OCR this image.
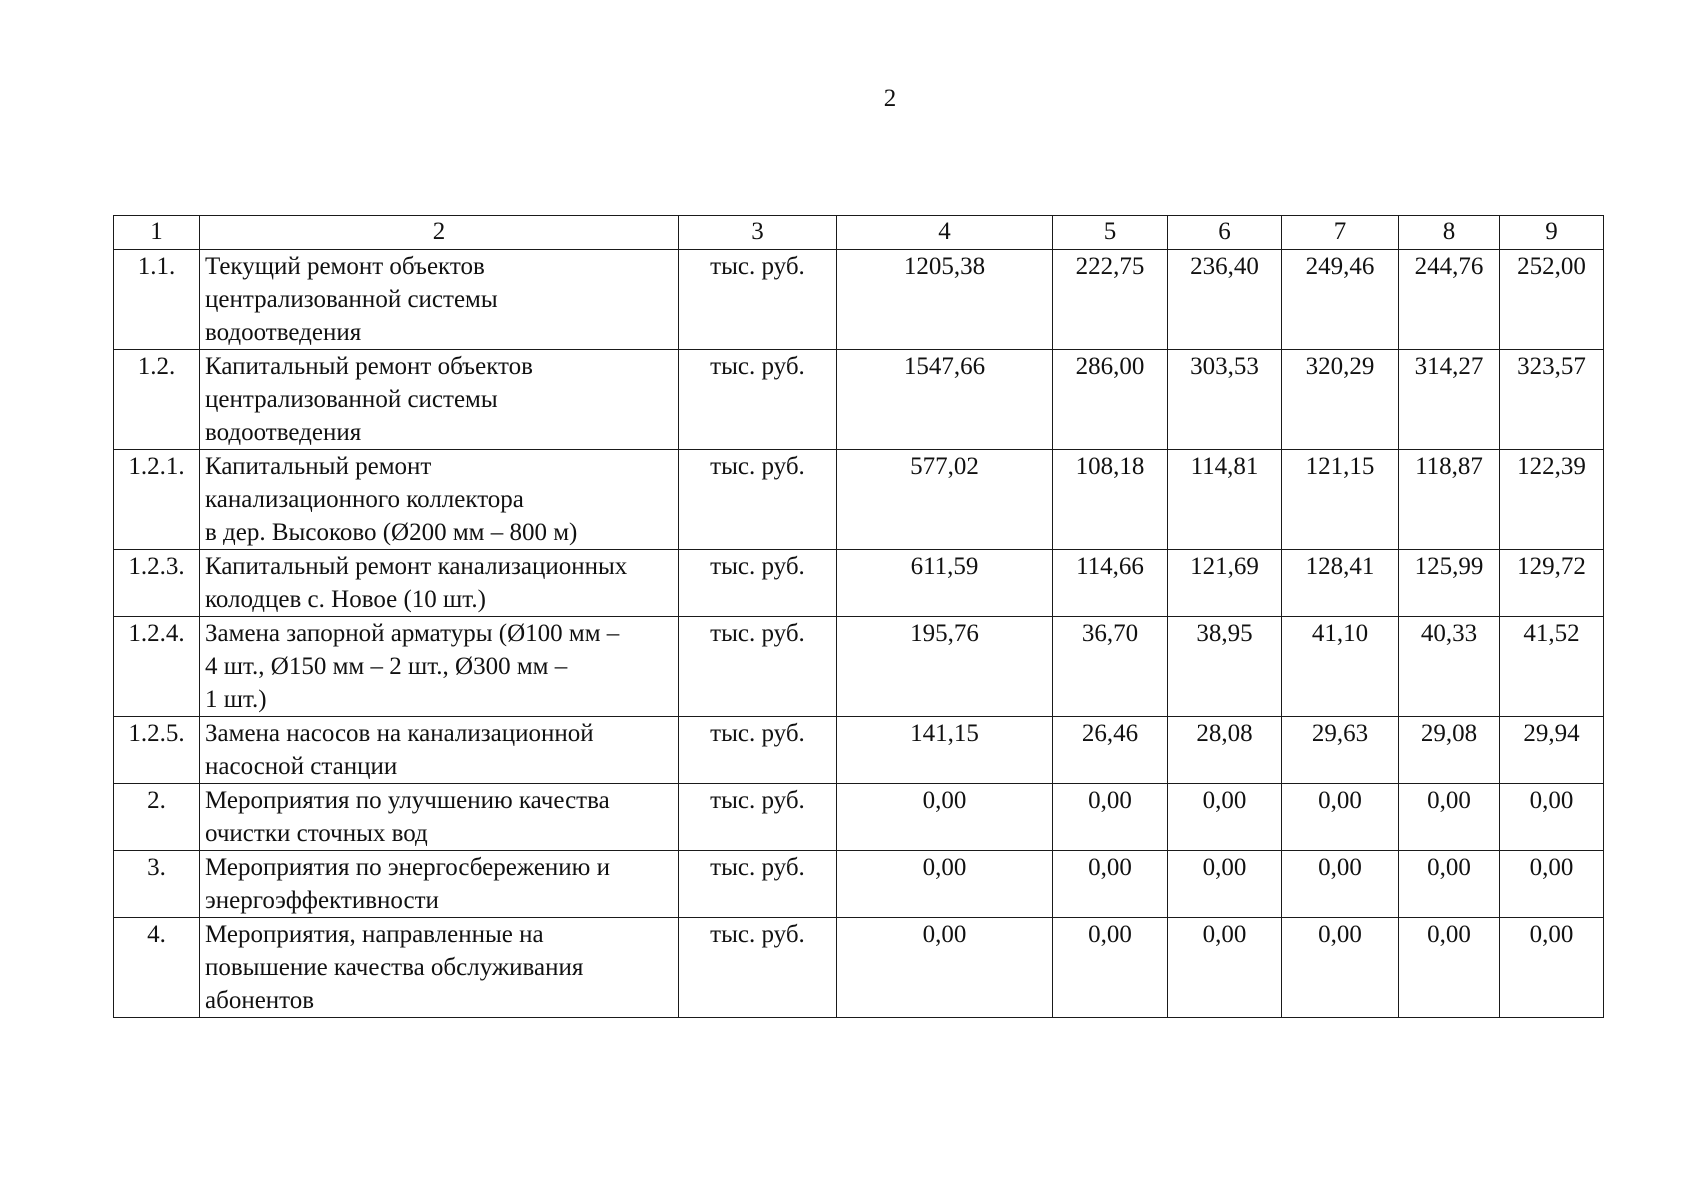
2
1	2	3	4	5	6	7	8	9
1.1.	Текущий ремонт объектов
централизованной системы
водоотведения	тыс. руб.	1205,38	222,75	236,40	249,46	244,76	252,00
1.2.	Капитальный ремонт объектов
централизованной системы
водоотведения	тыс. руб.	1547,66	286,00	303,53	320,29	314,27	323,57
1.2.1.	Капитальный ремонт
канализационного коллектора
в дер. Высоково (Ø200 мм – 800 м)	тыс. руб.	577,02	108,18	114,81	121,15	118,87	122,39
1.2.3.	Капитальный ремонт канализационных
колодцев с. Новое (10 шт.)	тыс. руб.	611,59	114,66	121,69	128,41	125,99	129,72
1.2.4.	Замена запорной арматуры (Ø100 мм –
4 шт., Ø150 мм – 2 шт., Ø300 мм –
1 шт.)	тыс. руб.	195,76	36,70	38,95	41,10	40,33	41,52
1.2.5.	Замена насосов на канализационной
насосной станции	тыс. руб.	141,15	26,46	28,08	29,63	29,08	29,94
2.	Мероприятия по улучшению качества
очистки сточных вод	тыс. руб.	0,00	0,00	0,00	0,00	0,00	0,00
3.	Мероприятия по энергосбережению и
энергоэффективности	тыс. руб.	0,00	0,00	0,00	0,00	0,00	0,00
4.	Мероприятия, направленные на
повышение качества обслуживания
абонентов	тыс. руб.	0,00	0,00	0,00	0,00	0,00	0,00
